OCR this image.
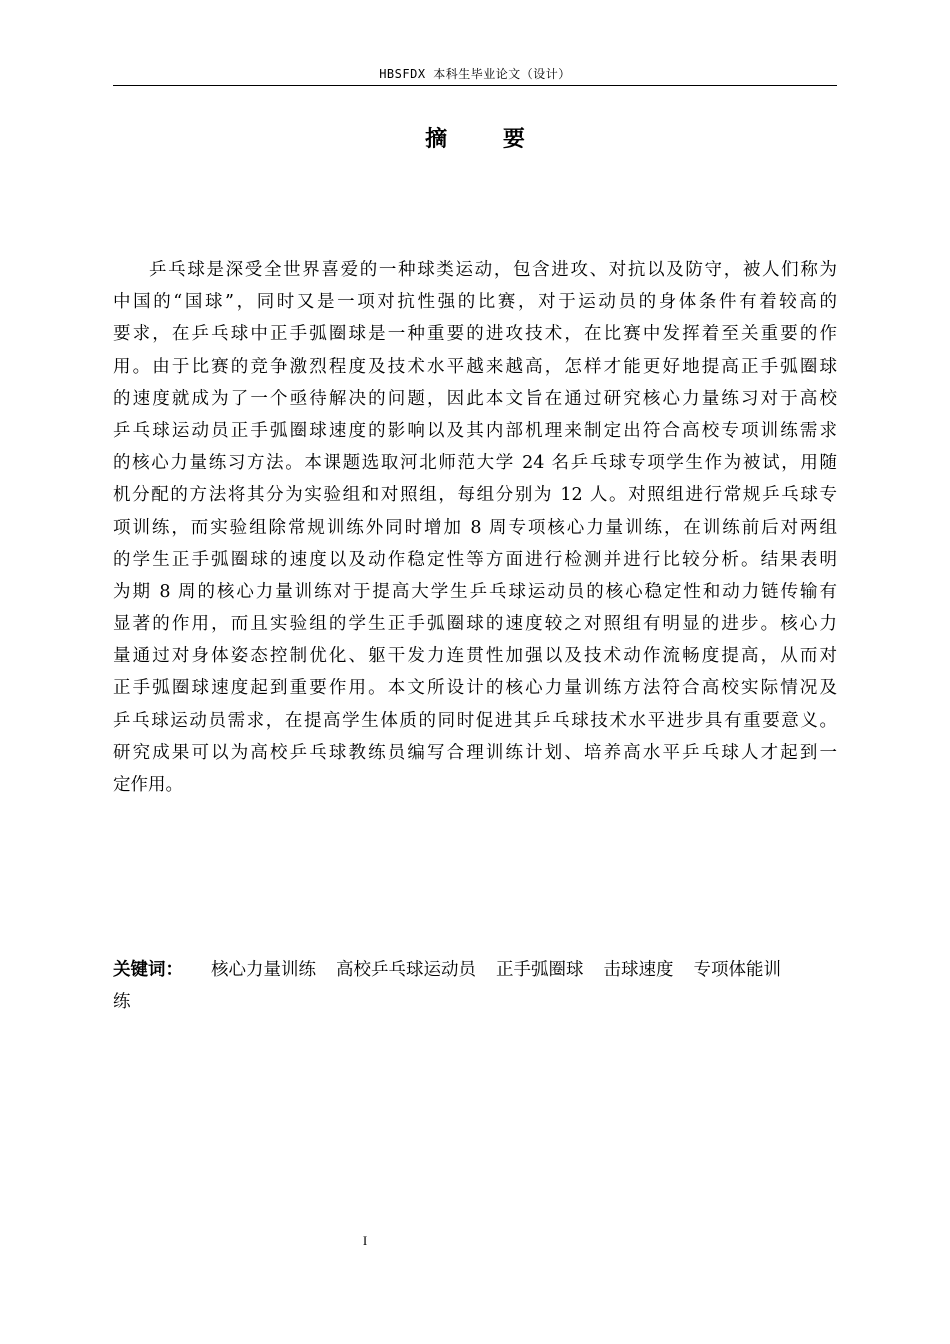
HBSFDX 本科生毕业论文（设计）
摘 要
乒乓球是深受全世界喜爱的一种球类运动，包含进攻、对抗以及防守，被人们称为
中国的“国球”，同时又是一项对抗性强的比赛，对于运动员的身体条件有着较高的
要求，在乒乓球中正手弧圈球是一种重要的进攻技术，在比赛中发挥着至关重要的作
用。由于比赛的竞争激烈程度及技术水平越来越高，怎样才能更好地提高正手弧圈球
的速度就成为了一个亟待解决的问题，因此本文旨在通过研究核心力量练习对于高校
乒乓球运动员正手弧圈球速度的影响以及其内部机理来制定出符合高校专项训练需求
的核心力量练习方法。本课题选取河北师范大学 24 名乒乓球专项学生作为被试，用随
机分配的方法将其分为实验组和对照组，每组分别为 12 人。对照组进行常规乒乓球专
项训练，而实验组除常规训练外同时增加 8 周专项核心力量训练，在训练前后对两组
的学生正手弧圈球的速度以及动作稳定性等方面进行检测并进行比较分析。结果表明
为期 8 周的核心力量训练对于提高大学生乒乓球运动员的核心稳定性和动力链传输有
显著的作用，而且实验组的学生正手弧圈球的速度较之对照组有明显的进步。核心力
量通过对身体姿态控制优化、躯干发力连贯性加强以及技术动作流畅度提高，从而对
正手弧圈球速度起到重要作用。本文所设计的核心力量训练方法符合高校实际情况及
乒乓球运动员需求，在提高学生体质的同时促进其乒乓球技术水平进步具有重要意义。
研究成果可以为高校乒乓球教练员编写合理训练计划、培养高水平乒乓球人才起到一
定作用。
关键词： 核心力量训练 高校乒乓球运动员 正手弧圈球 击球速度 专项体能训
练
I
